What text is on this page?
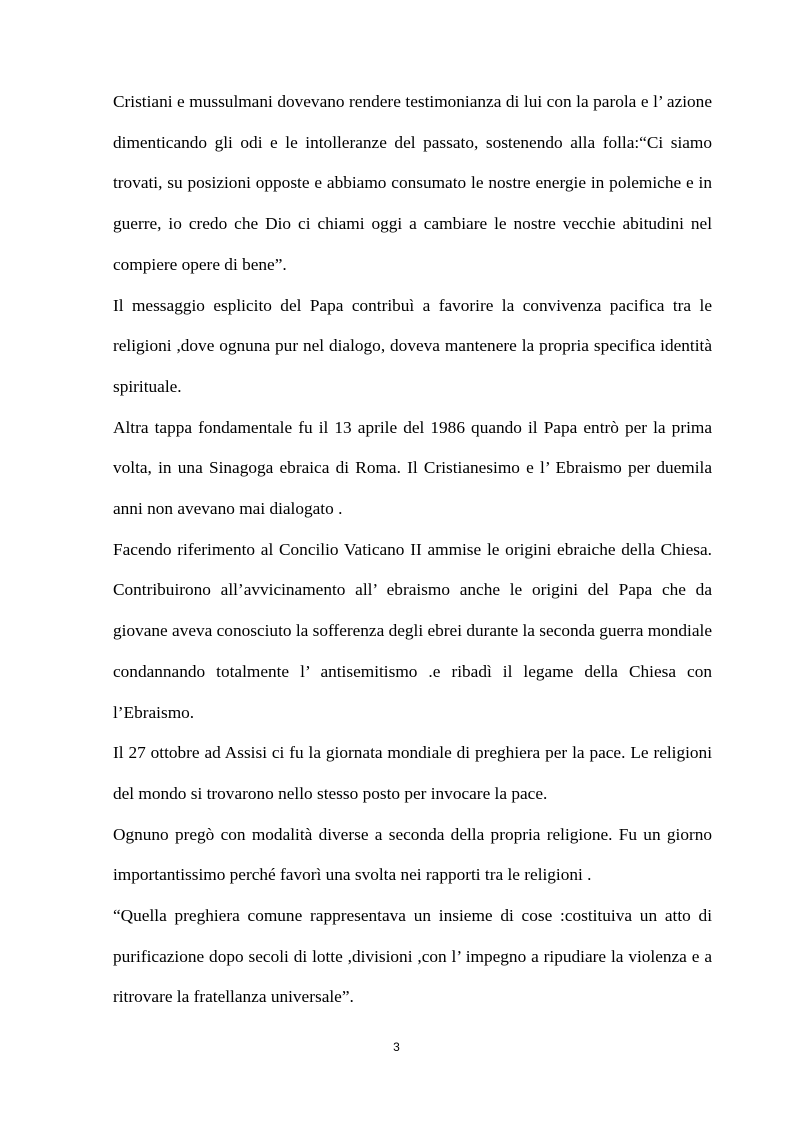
Cristiani e mussulmani dovevano rendere testimonianza di lui con la parola e l’ azione dimenticando gli odi e le intolleranze del passato, sostenendo alla folla:“Ci siamo trovati, su posizioni opposte e abbiamo consumato le nostre energie in polemiche e in guerre, io credo che Dio ci chiami oggi a cambiare le nostre vecchie abitudini nel compiere opere di bene”.

Il messaggio esplicito del Papa contribuì a favorire la convivenza pacifica tra le religioni ,dove ognuna pur nel dialogo, doveva mantenere la propria specifica identità spirituale.

Altra tappa fondamentale fu il 13 aprile del 1986 quando il Papa entrò per la prima volta, in una Sinagoga ebraica di Roma. Il Cristianesimo e l’ Ebraismo per duemila anni non avevano mai dialogato .

Facendo riferimento al Concilio Vaticano II ammise le origini ebraiche della Chiesa. Contribuirono all’avvicinamento all’ ebraismo anche le origini del Papa che da giovane aveva conosciuto la sofferenza degli ebrei durante la seconda guerra mondiale condannando totalmente l’ antisemitismo .e ribadì il legame della Chiesa con l’Ebraismo.

Il 27 ottobre ad Assisi ci fu la giornata mondiale di preghiera per la pace. Le religioni del mondo si trovarono nello stesso posto per invocare la pace.

Ognuno pregò con modalità diverse a seconda della propria religione. Fu un giorno importantissimo perché favorì una svolta nei rapporti tra le religioni .

“Quella preghiera comune rappresentava un insieme di cose :costituiva un atto di purificazione dopo secoli di lotte ,divisioni ,con l’ impegno a ripudiare la violenza e a ritrovare la fratellanza universale”.

3
